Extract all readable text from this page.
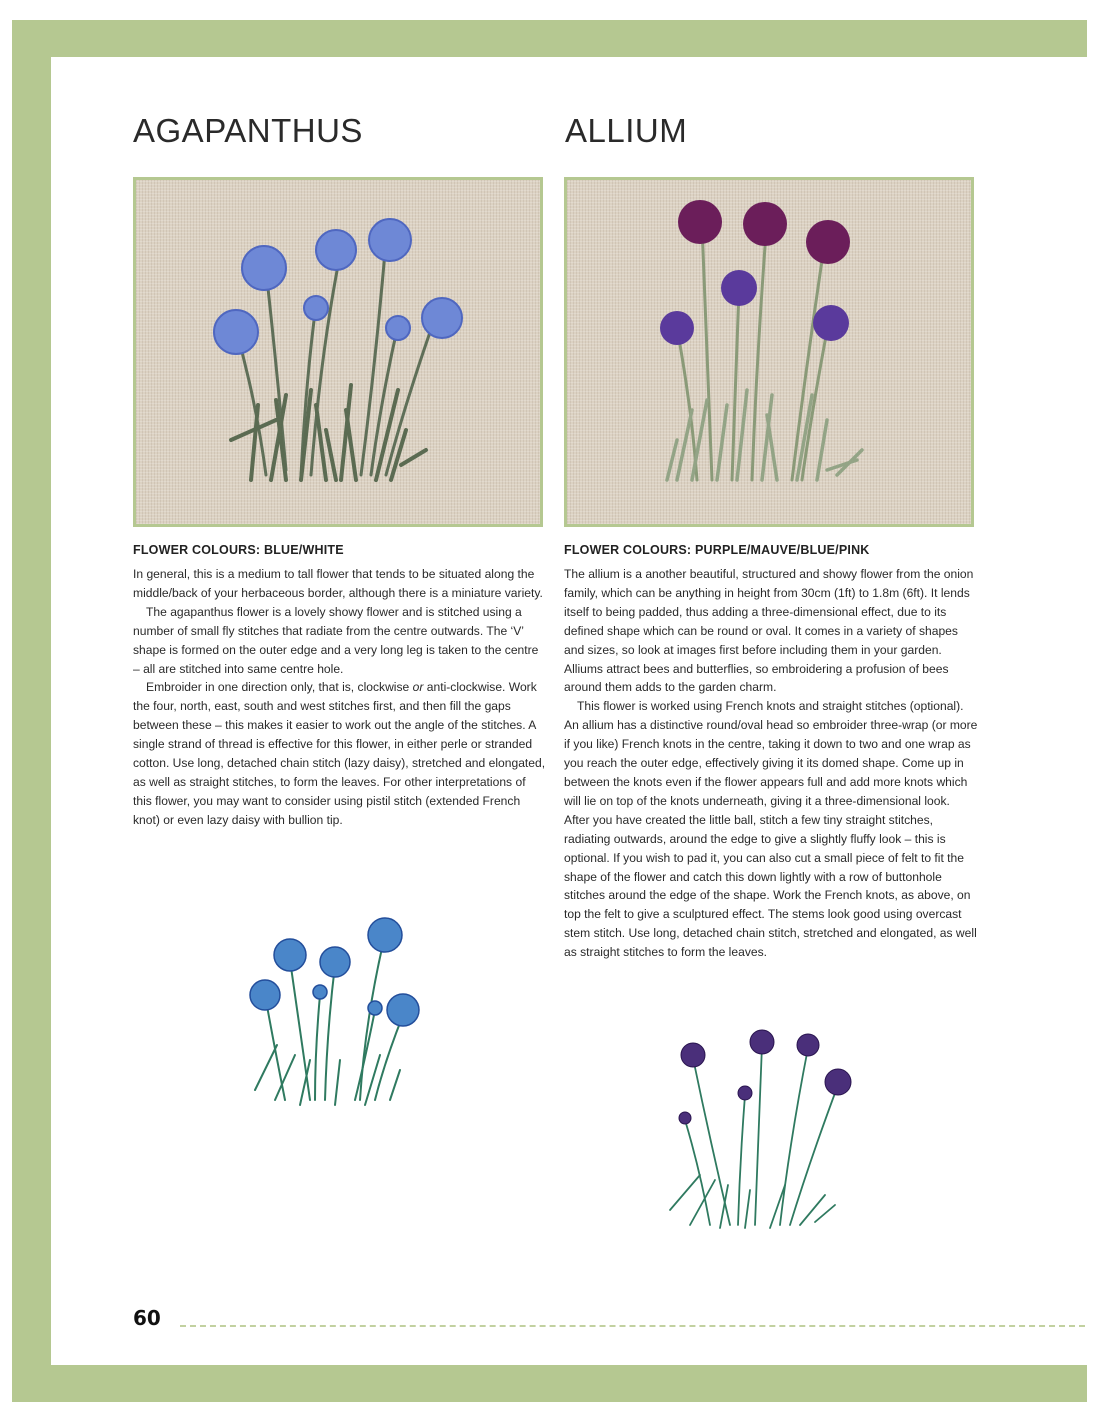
AGAPANTHUS
FLOWER COLOURS: BLUE/WHITE

In general, this is a medium to tall flower that tends to be situated along the middle/back of your herbaceous border, although there is a miniature variety.

The agapanthus flower is a lovely showy flower and is stitched using a number of small fly stitches that radiate from the centre outwards. The ‘V’ shape is formed on the outer edge and a very long leg is taken to the centre – all are stitched into same centre hole.

Embroider in one direction only, that is, clockwise or anti-clockwise. Work the four, north, east, south and west stitches first, and then fill the gaps between these – this makes it easier to work out the angle of the stitches. A single strand of thread is effective for this flower, in either perle or stranded cotton. Use long, detached chain stitch (lazy daisy), stretched and elongated, as well as straight stitches, to form the leaves. For other interpretations of this flower, you may want to consider using pistil stitch (extended French knot) or even lazy daisy with bullion tip.

ALLIUM
FLOWER COLOURS: PURPLE/MAUVE/BLUE/PINK

The allium is a another beautiful, structured and showy flower from the onion family, which can be anything in height from 30cm (1ft) to 1.8m (6ft). It lends itself to being padded, thus adding a three-dimensional effect, due to its defined shape which can be round or oval. It comes in a variety of shapes and sizes, so look at images first before including them in your garden. Alliums attract bees and butterflies, so embroidering a profusion of bees around them adds to the garden charm.

This flower is worked using French knots and straight stitches (optional). An allium has a distinctive round/oval head so embroider three-wrap (or more if you like) French knots in the centre, taking it down to two and one wrap as you reach the outer edge, effectively giving it its domed shape. Come up in between the knots even if the flower appears full and add more knots which will lie on top of the knots underneath, giving it a three-dimensional look. After you have created the little ball, stitch a few tiny straight stitches, radiating outwards, around the edge to give a slightly fluffy look – this is optional. If you wish to pad it, you can also cut a small piece of felt to fit the shape of the flower and catch this down lightly with a row of buttonhole stitches around the edge of the shape. Work the French knots, as above, on top the felt to give a sculptured effect. The stems look good using overcast stem stitch. Use long, detached chain stitch, stretched and elongated, as well as straight stitches to form the leaves.

60
